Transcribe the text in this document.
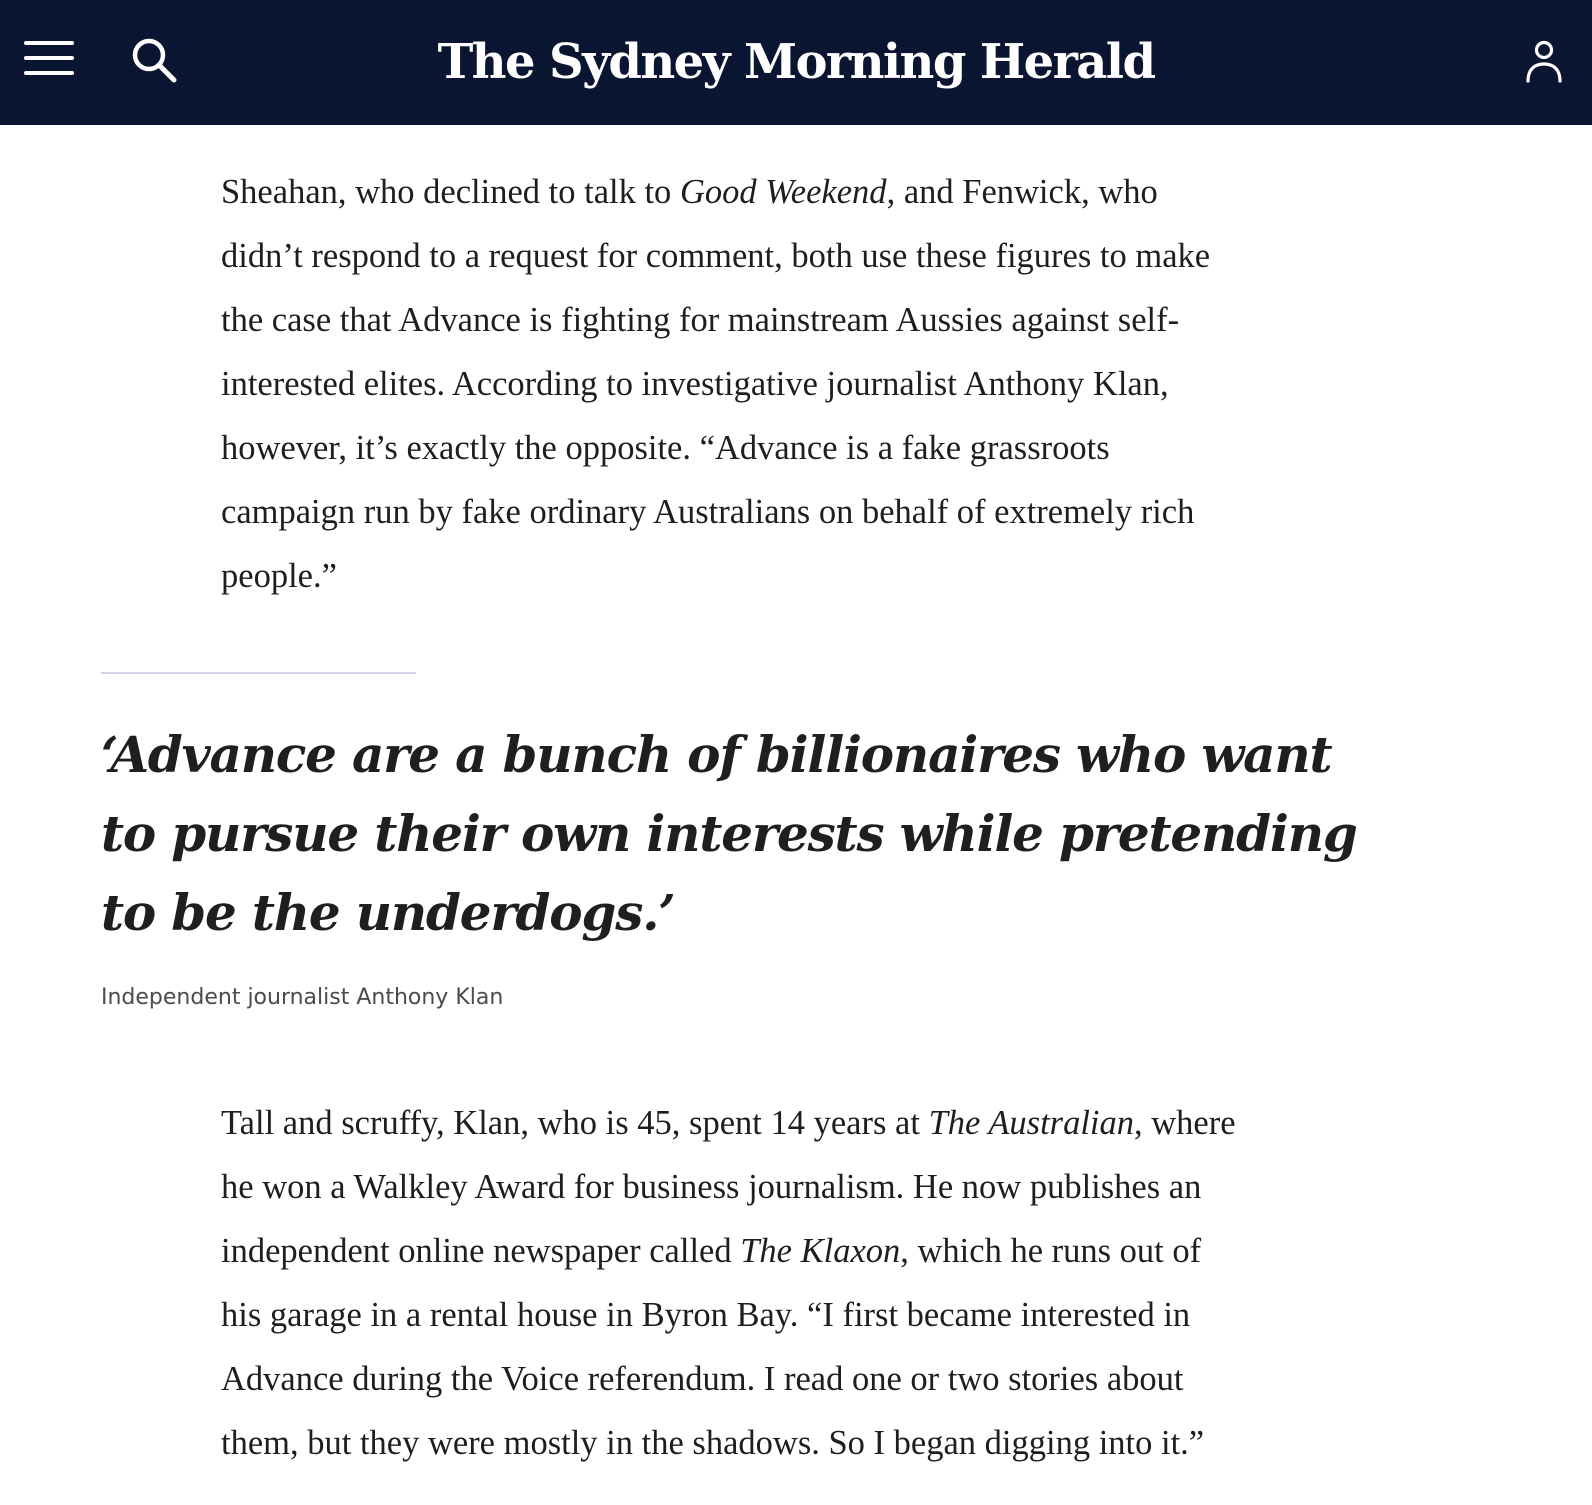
The Sydney Morning Herald
Sheahan, who declined to talk to Good Weekend, and Fenwick, who
didn’t respond to a request for comment, both use these figures to make
the case that Advance is fighting for mainstream Aussies against self-
interested elites. According to investigative journalist Anthony Klan,
however, it’s exactly the opposite. “Advance is a fake grassroots
campaign run by fake ordinary Australians on behalf of extremely rich
people.”
‘Advance are a bunch of billionaires who want
to pursue their own interests while pretending
to be the underdogs.’
Independent journalist Anthony Klan
Tall and scruffy, Klan, who is 45, spent 14 years at The Australian, where
he won a Walkley Award for business journalism. He now publishes an
independent online newspaper called The Klaxon, which he runs out of
his garage in a rental house in Byron Bay. “I first became interested in
Advance during the Voice referendum. I read one or two stories about
them, but they were mostly in the shadows. So I began digging into it.”
